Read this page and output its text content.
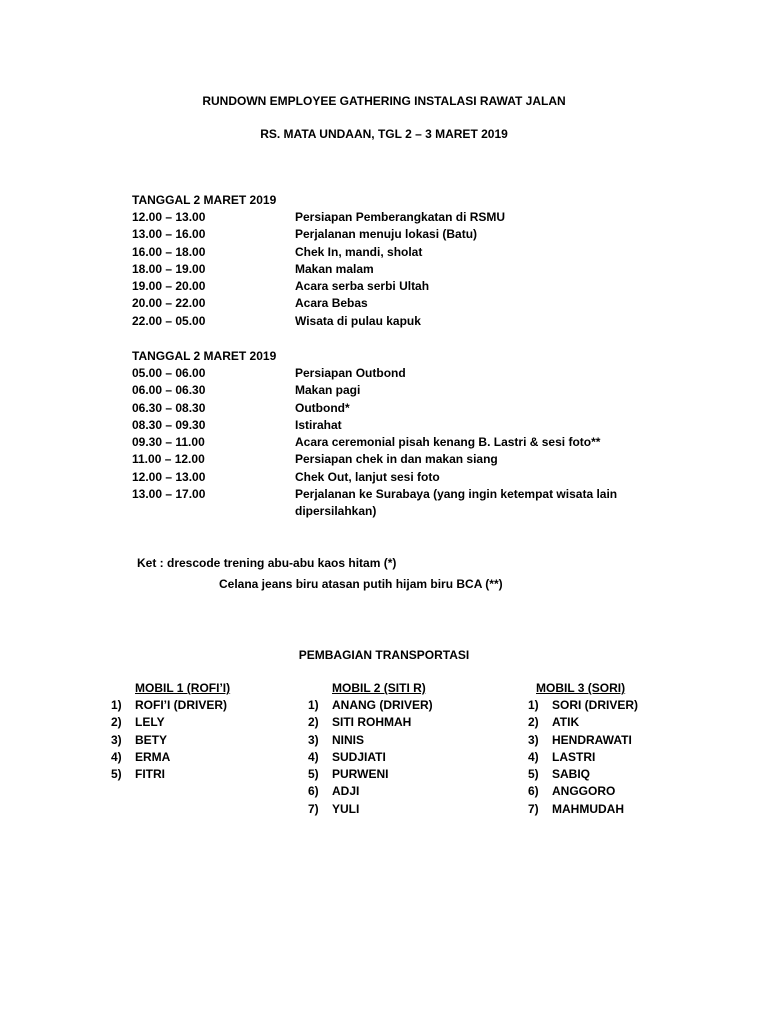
RUNDOWN EMPLOYEE GATHERING INSTALASI RAWAT JALAN
RS. MATA UNDAAN, TGL 2 – 3 MARET 2019
TANGGAL 2 MARET 2019
12.00 – 13.00	Persiapan Pemberangkatan di RSMU
13.00 – 16.00	Perjalanan menuju lokasi (Batu)
16.00 – 18.00	Chek In, mandi, sholat
18.00 – 19.00	Makan malam
19.00 – 20.00	Acara serba serbi Ultah
20.00 – 22.00	Acara Bebas
22.00 – 05.00	Wisata di pulau kapuk
TANGGAL 2 MARET 2019
05.00 – 06.00	Persiapan Outbond
06.00 – 06.30	Makan pagi
06.30 – 08.30	Outbond*
08.30 – 09.30	Istirahat
09.30 – 11.00	Acara ceremonial pisah kenang B. Lastri & sesi foto**
11.00 – 12.00	Persiapan chek in dan makan siang
12.00 – 13.00	Chek Out, lanjut sesi foto
13.00 – 17.00	Perjalanan ke Surabaya (yang ingin ketempat wisata lain dipersilahkan)
Ket : drescode trening abu-abu kaos hitam (*)
Celana jeans biru atasan putih hijam biru BCA (**)
PEMBAGIAN TRANSPORTASI
MOBIL 1 (ROFI’I)
1) ROFI’I (DRIVER)
2) LELY
3) BETY
4) ERMA
5) FITRI
MOBIL 2 (SITI R)
1) ANANG (DRIVER)
2) SITI ROHMAH
3) NINIS
4) SUDJIATI
5) PURWENI
6) ADJI
7) YULI
MOBIL 3 (SORI)
1) SORI (DRIVER)
2) ATIK
3) HENDRAWATI
4) LASTRI
5) SABIQ
6) ANGGORO
7) MAHMUDAH
